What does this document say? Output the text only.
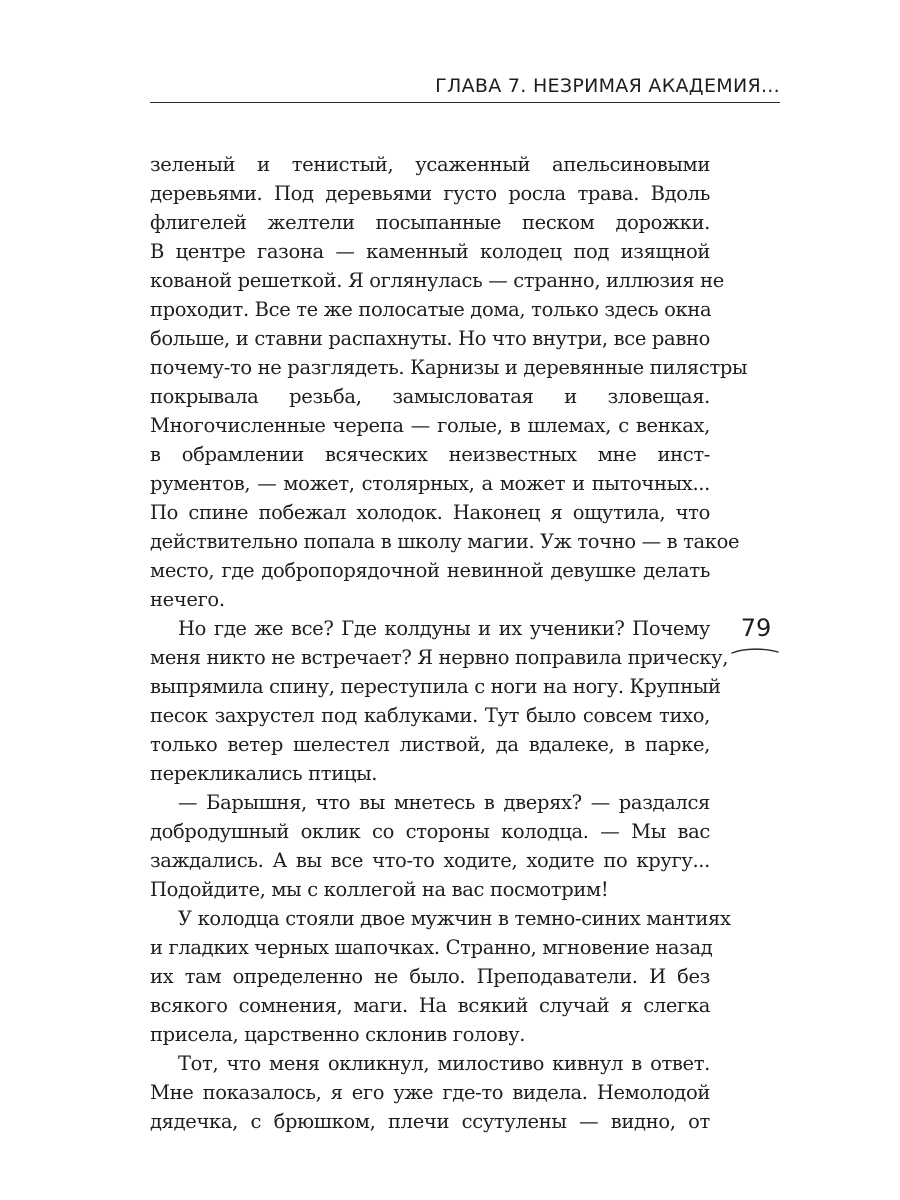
ГЛАВА 7. НЕЗРИМАЯ АКАДЕМИЯ...
зеленый и тенистый, усаженный апельсиновыми
деревьями. Под деревьями густо росла трава. Вдоль
флигелей желтели посыпанные песком дорожки.
В центре газона — каменный колодец под изящной
кованой решеткой. Я оглянулась — странно, иллюзия не
проходит. Все те же полосатые дома, только здесь окна
больше, и ставни распахнуты. Но что внутри, все равно
почему-то не разглядеть. Карнизы и деревянные пилястры
покрывала резьба, замысловатая и зловещая.
Многочисленные черепа — голые, в шлемах, с венках,
в обрамлении всяческих неизвестных мне инст-
рументов, — может, столярных, а может и пыточных...
По спине побежал холодок. Наконец я ощутила, что
действительно попала в школу магии. Уж точно — в такое
место, где добропорядочной невинной девушке делать
нечего.
Но где же все? Где колдуны и их ученики? Почему
меня никто не встречает? Я нервно поправила прическу,
выпрямила спину, переступила с ноги на ногу. Крупный
песок захрустел под каблуками. Тут было совсем тихо,
только ветер шелестел листвой, да вдалеке, в парке,
перекликались птицы.
— Барышня, что вы мнетесь в дверях? — раздался
добродушный оклик со стороны колодца. — Мы вас
заждались. А вы все что-то ходите, ходите по кругу...
Подойдите, мы с коллегой на вас посмотрим!
У колодца стояли двое мужчин в темно-синих мантиях
и гладких черных шапочках. Странно, мгновение назад
их там определенно не было. Преподаватели. И без
всякого сомнения, маги. На всякий случай я слегка
присела, царственно склонив голову.
Тот, что меня окликнул, милостиво кивнул в ответ.
Мне показалось, я его уже где-то видела. Немолодой
дядечка, с брюшком, плечи ссутулены — видно, от
79
